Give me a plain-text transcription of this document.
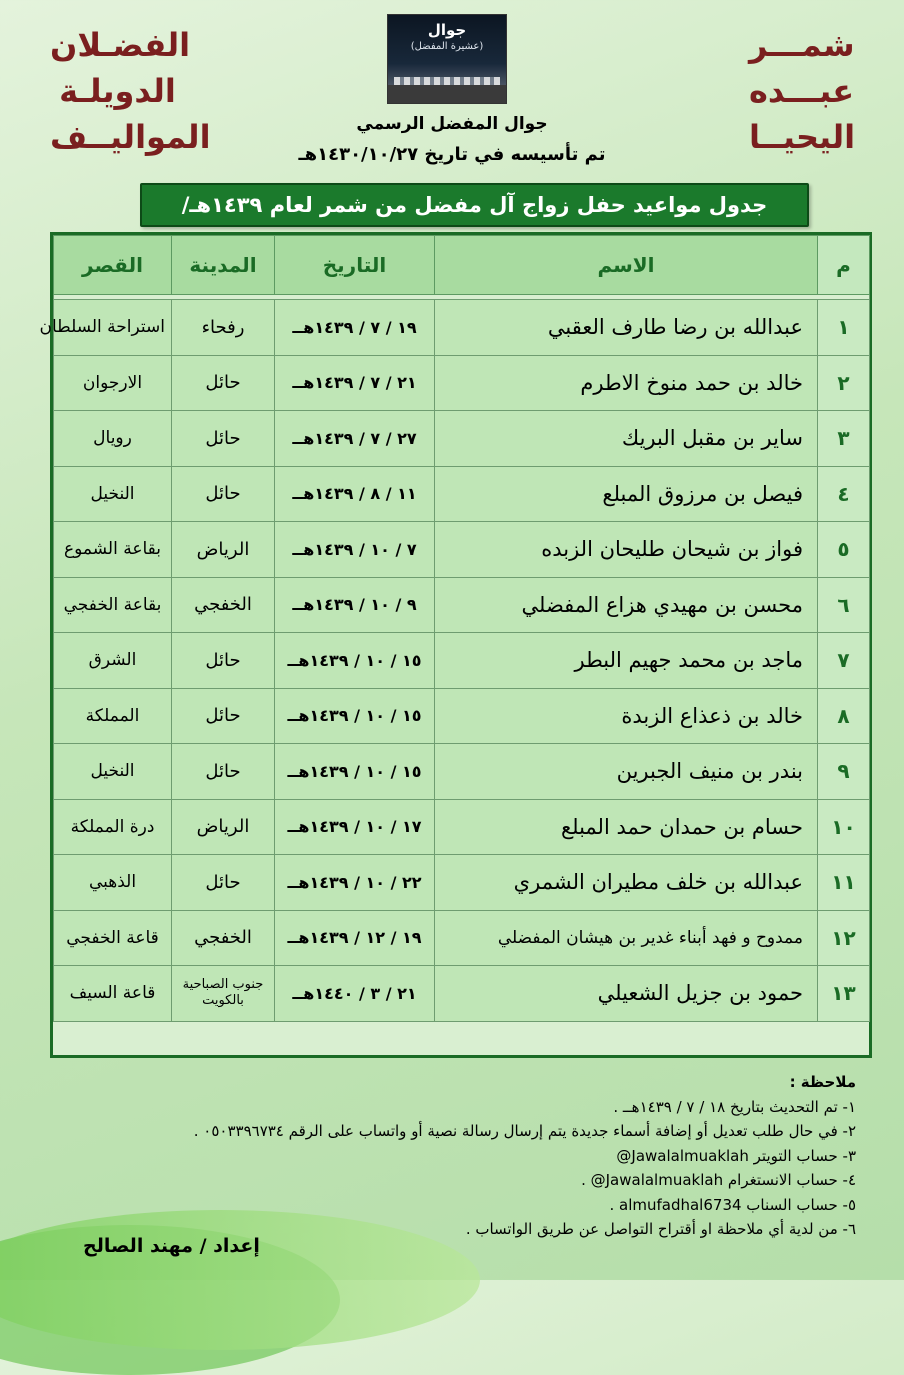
الفضـلان
الدويلـة
المواليــف
شمـــر
عبـــده
اليحيــا
جوال
(عشيرة المفضل)
جوال المفضل الرسمي
تم تأسيسه في تاريخ ١٤٣٠/١٠/٢٧هـ
جدول مواعيد حفل زواج آل مفضل من شمر لعام ١٤٣٩هـ/
م	الاسم	التاريخ	المدينة	القصر

١	عبدالله بن رضا طارف العقبي	١٩ / ٧ / ١٤٣٩هــ	رفحاء	استراحة السلطان
٢	خالد بن حمد منوخ الاطرم	٢١ / ٧ / ١٤٣٩هــ	حائل	الارجوان
٣	ساير بن مقبل البريك	٢٧ / ٧ / ١٤٣٩هــ	حائل	رويال
٤	فيصل بن مرزوق المبلع	١١ / ٨ / ١٤٣٩هــ	حائل	النخيل
٥	فواز بن شيحان طليحان الزبده	٧ / ١٠ / ١٤٣٩هــ	الرياض	بقاعة الشموع
٦	محسن بن مهيدي هزاع المفضلي	٩ / ١٠ / ١٤٣٩هــ	الخفجي	بقاعة الخفجي
٧	ماجد بن محمد جهيم البطر	١٥ / ١٠ / ١٤٣٩هــ	حائل	الشرق
٨	خالد بن ذعذاع الزبدة	١٥ / ١٠ / ١٤٣٩هــ	حائل	المملكة
٩	بندر بن منيف الجبرين	١٥ / ١٠ / ١٤٣٩هــ	حائل	النخيل
١٠	حسام بن حمدان حمد المبلع	١٧ / ١٠ / ١٤٣٩هــ	الرياض	درة المملكة
١١	عبدالله بن خلف مطيران الشمري	٢٢ / ١٠ / ١٤٣٩هــ	حائل	الذهبي
١٢	ممدوح و فهد أبناء غدير بن هيشان المفضلي	١٩ / ١٢ / ١٤٣٩هــ	الخفجي	قاعة الخفجي
١٣	حمود بن جزيل الشعيلي	٢١ / ٣ / ١٤٤٠هــ	جنوب الصباحية بالكويت	قاعة السيف
ملاحظة :
١- تم التحديث بتاريخ ١٨ / ٧ / ١٤٣٩هــ .
٢- في حال طلب تعديل أو إضافة أسماء جديدة يتم إرسال رسالة نصية أو واتساب على الرقم ٠٥٠٣٣٩٦٧٣٤ .
٣- حساب التويتر Jawalalmuaklah@
٤- حساب الانستغرام Jawalalmuaklah@ .
٥- حساب السناب almufadhal6734 .
٦- من لدية أي ملاحظة او أقتراح التواصل عن طريق الواتساب .
إعداد / مهند الصالح
